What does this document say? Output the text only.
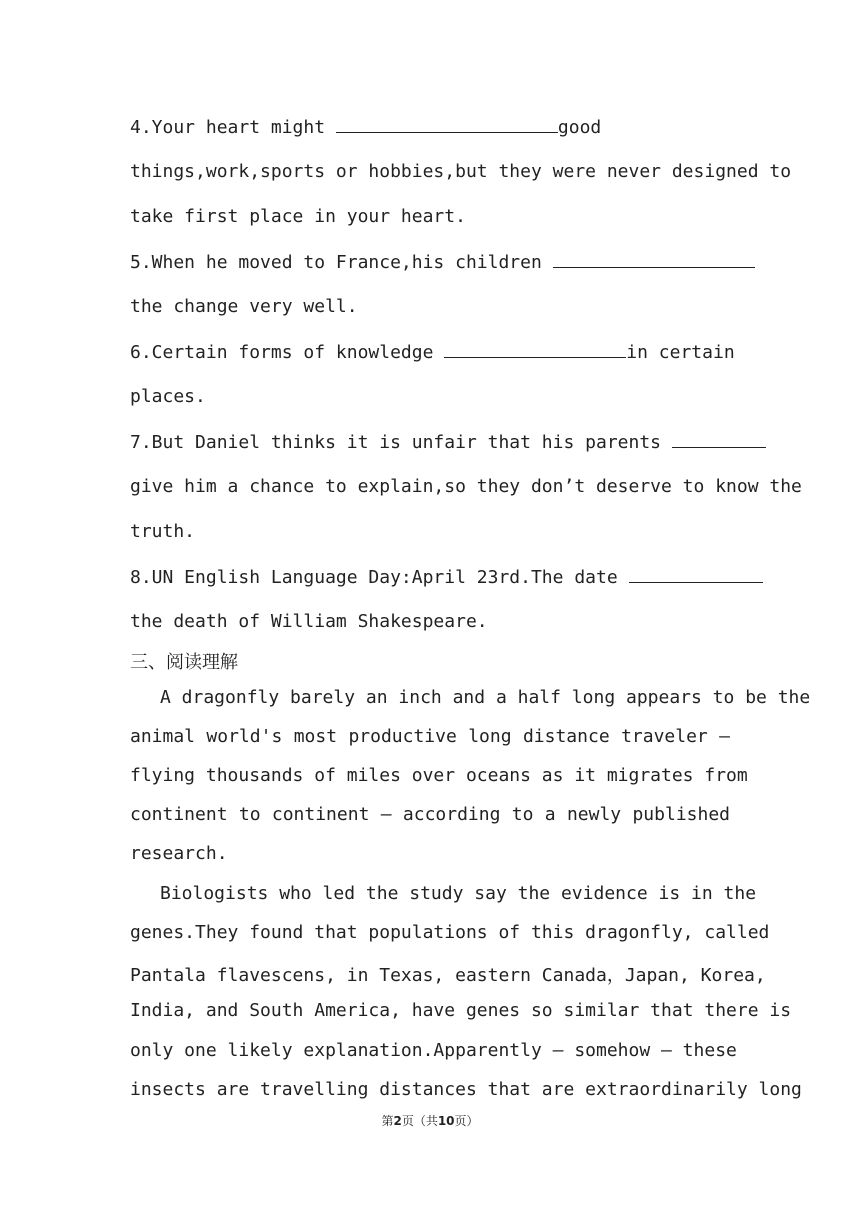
4.Your heart might	good
things,work,sports or hobbies,but they were never designed to
take first place in your heart.
5.When he moved to France,his children
the change very well.
6.Certain forms of knowledge	in certain
places.
7.But Daniel thinks it is unfair that his parents
give him a chance to explain,so they don’t deserve to know the
truth.
8.UN English Language Day:April 23rd.The date
the death of William Shakespeare.
三、阅读理解
A dragonfly barely an inch and a half long appears to be the
animal world's most productive long distance traveler —
flying thousands of miles over oceans as it migrates from
continent to continent — according to a newly published
research.
Biologists who led the study say the evidence is in the
genes.They found that populations of this dragonfly, called
Pantala flavescens, in Texas, eastern Canada，Japan, Korea,
India, and South America, have genes so similar that there is
only one likely explanation.Apparently — somehow — these
insects are travelling distances that are extraordinarily long
第2页（共10页）
